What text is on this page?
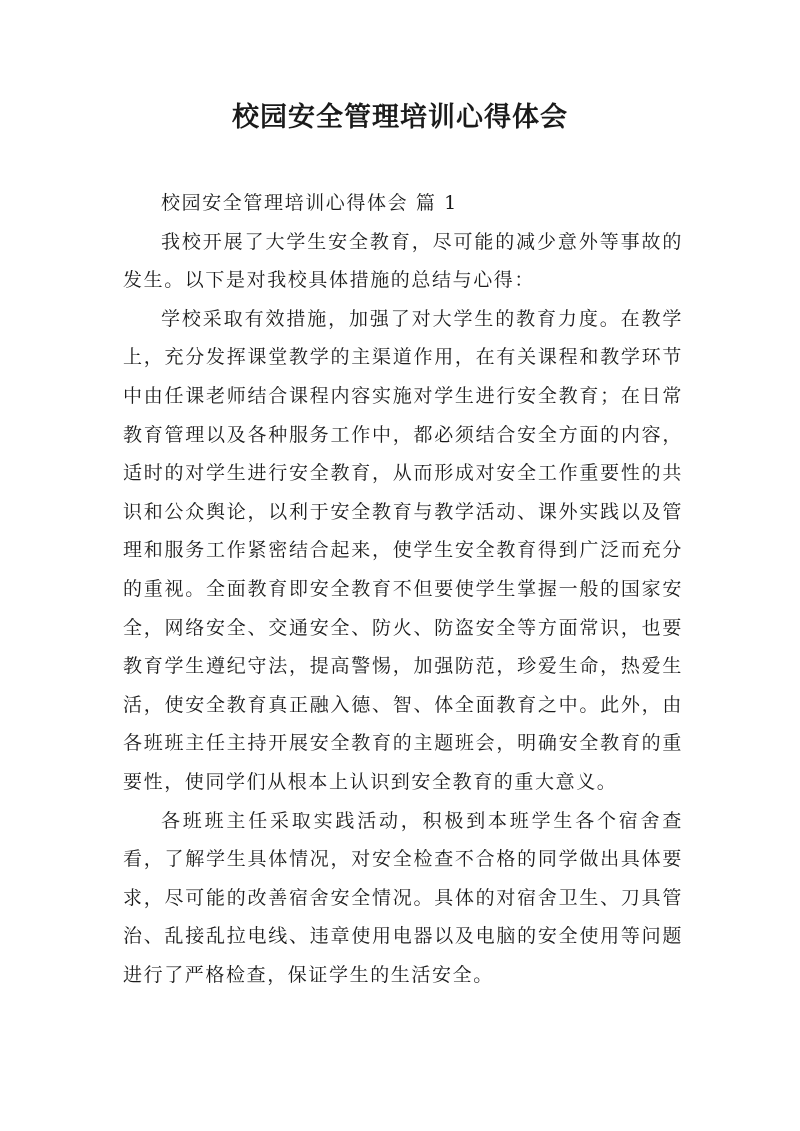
校园安全管理培训心得体会

校园安全管理培训心得体会 篇 1

我校开展了大学生安全教育，尽可能的减少意外等事故的发生。以下是对我校具体措施的总结与心得：

学校采取有效措施，加强了对大学生的教育力度。在教学上，充分发挥课堂教学的主渠道作用，在有关课程和教学环节中由任课老师结合课程内容实施对学生进行安全教育；在日常教育管理以及各种服务工作中，都必须结合安全方面的内容，适时的对学生进行安全教育，从而形成对安全工作重要性的共识和公众舆论，以利于安全教育与教学活动、课外实践以及管理和服务工作紧密结合起来，使学生安全教育得到广泛而充分的重视。全面教育即安全教育不但要使学生掌握一般的国家安全，网络安全、交通安全、防火、防盗安全等方面常识，也要教育学生遵纪守法，提高警惕，加强防范，珍爱生命，热爱生活，使安全教育真正融入德、智、体全面教育之中。此外，由各班班主任主持开展安全教育的主题班会，明确安全教育的重要性，使同学们从根本上认识到安全教育的重大意义。

各班班主任采取实践活动，积极到本班学生各个宿舍查看，了解学生具体情况，对安全检查不合格的同学做出具体要求，尽可能的改善宿舍安全情况。具体的对宿舍卫生、刀具管治、乱接乱拉电线、违章使用电器以及电脑的安全使用等问题进行了严格检查，保证学生的生活安全。
